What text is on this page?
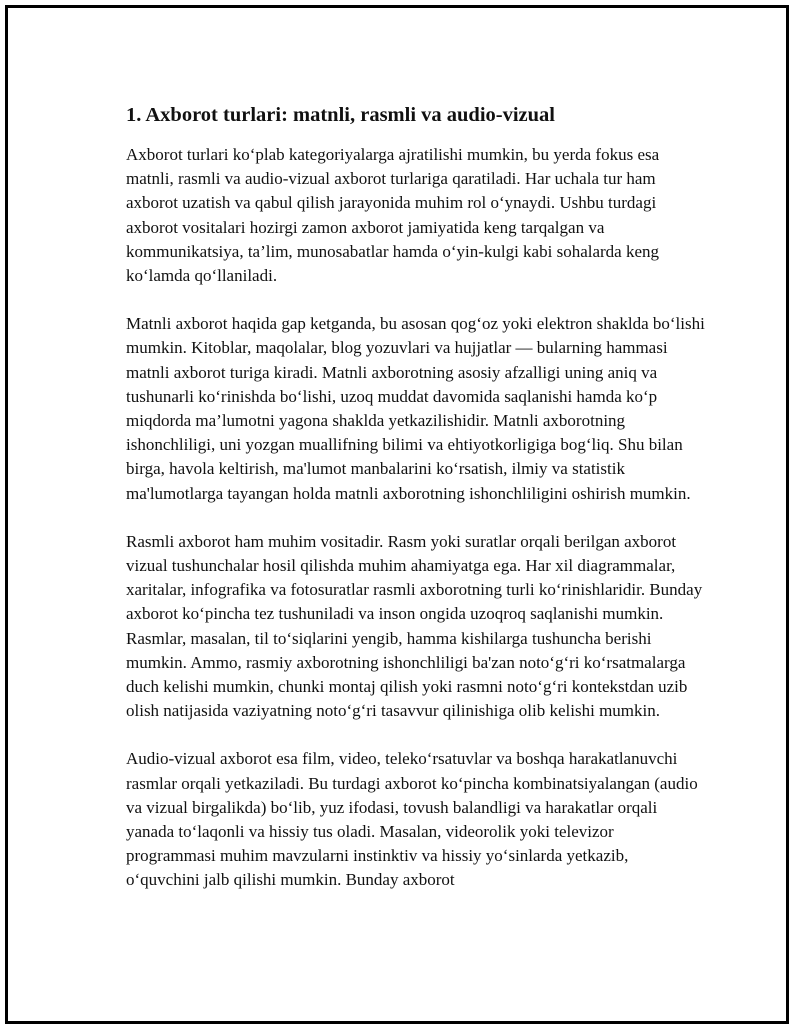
1. Axborot turlari: matnli, rasmli va audio-vizual

Axborot turlari ko‘plab kategoriyalarga ajratilishi mumkin, bu yerda fokus esa matnli, rasmli va audio-vizual axborot turlariga qaratiladi. Har uchala tur ham axborot uzatish va qabul qilish jarayonida muhim rol o‘ynaydi. Ushbu turdagi axborot vositalari hozirgi zamon axborot jamiyatida keng tarqalgan va kommunikatsiya, ta’lim, munosabatlar hamda o‘yin-kulgi kabi sohalarda keng ko‘lamda qo‘llaniladi.

Matnli axborot haqida gap ketganda, bu asosan qog‘oz yoki elektron shaklda bo‘lishi mumkin. Kitoblar, maqolalar, blog yozuvlari va hujjatlar — bularning hammasi matnli axborot turiga kiradi. Matnli axborotning asosiy afzalligi uning aniq va tushunarli ko‘rinishda bo‘lishi, uzoq muddat davomida saqlanishi hamda ko‘p miqdorda ma’lumotni yagona shaklda yetkazilishidir. Matnli axborotning ishonchliligi, uni yozgan muallifning bilimi va ehtiyotkorligiga bog‘liq. Shu bilan birga, havola keltirish, ma'lumot manbalarini ko‘rsatish, ilmiy va statistik ma'lumotlarga tayangan holda matnli axborotning ishonchliligini oshirish mumkin.

Rasmli axborot ham muhim vositadir. Rasm yoki suratlar orqali berilgan axborot vizual tushunchalar hosil qilishda muhim ahamiyatga ega. Har xil diagrammalar, xaritalar, infografika va fotosuratlar rasmli axborotning turli ko‘rinishlaridir. Bunday axborot ko‘pincha tez tushuniladi va inson ongida uzoqroq saqlanishi mumkin. Rasmlar, masalan, til to‘siqlarini yengib, hamma kishilarga tushuncha berishi mumkin. Ammo, rasmiy axborotning ishonchliligi ba'zan noto‘g‘ri ko‘rsatmalarga duch kelishi mumkin, chunki montaj qilish yoki rasmni noto‘g‘ri kontekstdan uzib olish natijasida vaziyatning noto‘g‘ri tasavvur qilinishiga olib kelishi mumkin.

Audio-vizual axborot esa film, video, teleko‘rsatuvlar va boshqa harakatlanuvchi rasmlar orqali yetkaziladi. Bu turdagi axborot ko‘pincha kombinatsiyalangan (audio va vizual birgalikda) bo‘lib, yuz ifodasi, tovush balandligi va harakatlar orqali yanada to‘laqonli va hissiy tus oladi. Masalan, videorolik yoki televizor programmasi muhim mavzularni instinktiv va hissiy yo‘sinlarda yetkazib, o‘quvchini jalb qilishi mumkin. Bunday axborot
